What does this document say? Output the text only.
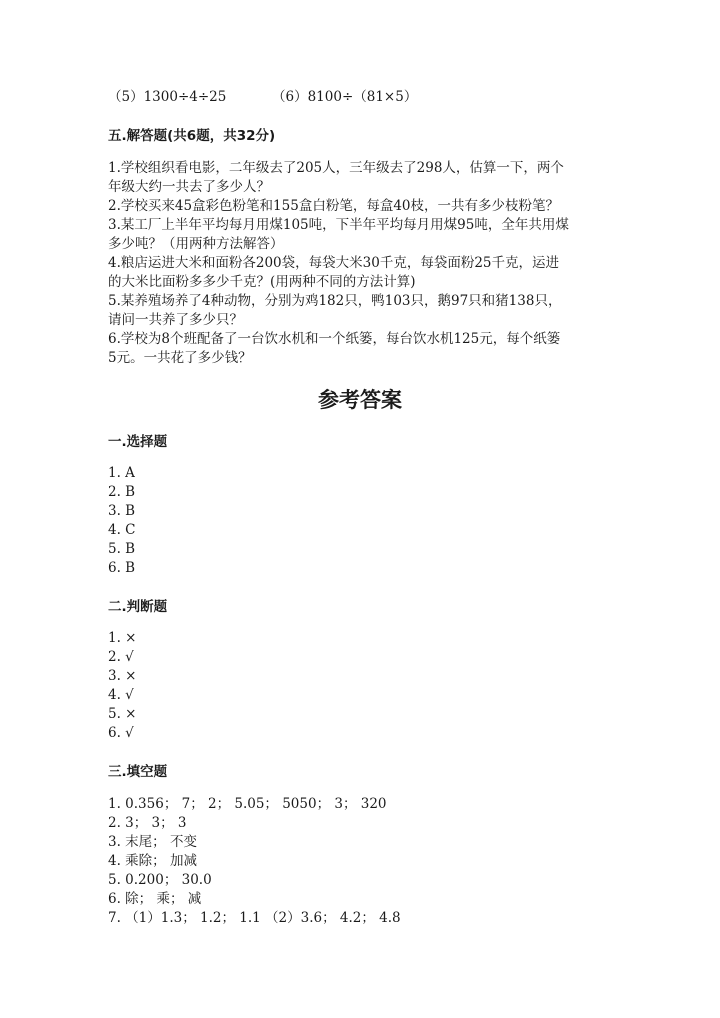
（5）1300÷4÷25	（6）8100÷（81×5）
五.解答题(共6题，共32分)
1.学校组织看电影，二年级去了205人，三年级去了298人，估算一下，两个
年级大约一共去了多少人？
2.学校买来45盒彩色粉笔和155盒白粉笔，每盒40枝，一共有多少枝粉笔？
3.某工厂上半年平均每月用煤105吨，下半年平均每月用煤95吨，全年共用煤
多少吨？（用两种方法解答）
4.粮店运进大米和面粉各200袋，每袋大米30千克，每袋面粉25千克，运进
的大米比面粉多多少千克？(用两种不同的方法计算)
5.某养殖场养了4种动物，分别为鸡182只，鸭103只，鹅97只和猪138只，
请问一共养了多少只？
6.学校为8个班配备了一台饮水机和一个纸篓，每台饮水机125元，每个纸篓
5元。一共花了多少钱？
参考答案
一.选择题
1. A
2. B
3. B
4. C
5. B
6. B
二.判断题
1. ×
2. √
3. ×
4. √
5. ×
6. √
三.填空题
1. 0.356； 7； 2； 5.05； 5050； 3； 320
2. 3； 3； 3
3. 末尾； 不变
4. 乘除； 加减
5. 0.200； 30.0
6. 除； 乘； 减
7. （1）1.3； 1.2； 1.1 （2）3.6； 4.2； 4.8
